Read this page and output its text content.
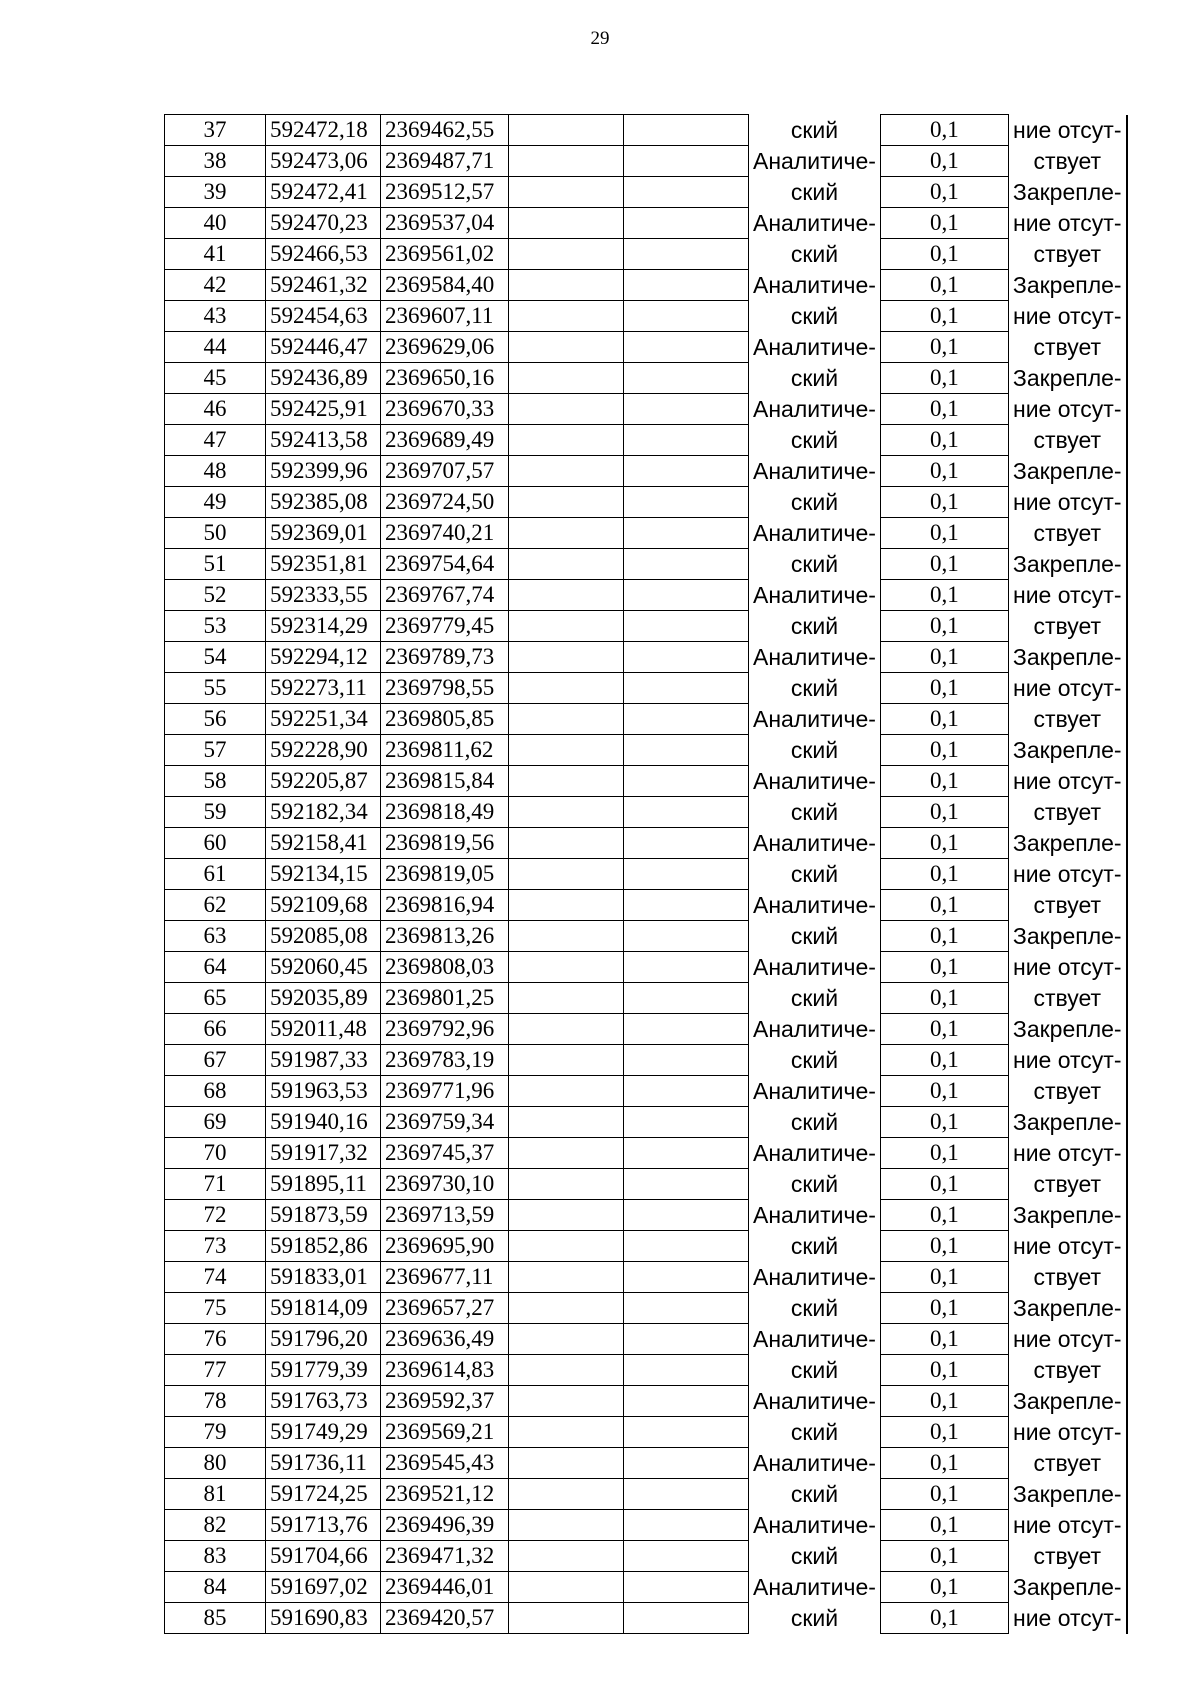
29
37	592472,18	2369462,55			ский	0,1	ние отсут-
38	592473,06	2369487,71			Аналитиче-	0,1	ствует
39	592472,41	2369512,57			ский	0,1	Закрепле-
40	592470,23	2369537,04			Аналитиче-	0,1	ние отсут-
41	592466,53	2369561,02			ский	0,1	ствует
42	592461,32	2369584,40			Аналитиче-	0,1	Закрепле-
43	592454,63	2369607,11			ский	0,1	ние отсут-
44	592446,47	2369629,06			Аналитиче-	0,1	ствует
45	592436,89	2369650,16			ский	0,1	Закрепле-
46	592425,91	2369670,33			Аналитиче-	0,1	ние отсут-
47	592413,58	2369689,49			ский	0,1	ствует
48	592399,96	2369707,57			Аналитиче-	0,1	Закрепле-
49	592385,08	2369724,50			ский	0,1	ние отсут-
50	592369,01	2369740,21			Аналитиче-	0,1	ствует
51	592351,81	2369754,64			ский	0,1	Закрепле-
52	592333,55	2369767,74			Аналитиче-	0,1	ние отсут-
53	592314,29	2369779,45			ский	0,1	ствует
54	592294,12	2369789,73			Аналитиче-	0,1	Закрепле-
55	592273,11	2369798,55			ский	0,1	ние отсут-
56	592251,34	2369805,85			Аналитиче-	0,1	ствует
57	592228,90	2369811,62			ский	0,1	Закрепле-
58	592205,87	2369815,84			Аналитиче-	0,1	ние отсут-
59	592182,34	2369818,49			ский	0,1	ствует
60	592158,41	2369819,56			Аналитиче-	0,1	Закрепле-
61	592134,15	2369819,05			ский	0,1	ние отсут-
62	592109,68	2369816,94			Аналитиче-	0,1	ствует
63	592085,08	2369813,26			ский	0,1	Закрепле-
64	592060,45	2369808,03			Аналитиче-	0,1	ние отсут-
65	592035,89	2369801,25			ский	0,1	ствует
66	592011,48	2369792,96			Аналитиче-	0,1	Закрепле-
67	591987,33	2369783,19			ский	0,1	ние отсут-
68	591963,53	2369771,96			Аналитиче-	0,1	ствует
69	591940,16	2369759,34			ский	0,1	Закрепле-
70	591917,32	2369745,37			Аналитиче-	0,1	ние отсут-
71	591895,11	2369730,10			ский	0,1	ствует
72	591873,59	2369713,59			Аналитиче-	0,1	Закрепле-
73	591852,86	2369695,90			ский	0,1	ние отсут-
74	591833,01	2369677,11			Аналитиче-	0,1	ствует
75	591814,09	2369657,27			ский	0,1	Закрепле-
76	591796,20	2369636,49			Аналитиче-	0,1	ние отсут-
77	591779,39	2369614,83			ский	0,1	ствует
78	591763,73	2369592,37			Аналитиче-	0,1	Закрепле-
79	591749,29	2369569,21			ский	0,1	ние отсут-
80	591736,11	2369545,43			Аналитиче-	0,1	ствует
81	591724,25	2369521,12			ский	0,1	Закрепле-
82	591713,76	2369496,39			Аналитиче-	0,1	ние отсут-
83	591704,66	2369471,32			ский	0,1	ствует
84	591697,02	2369446,01			Аналитиче-	0,1	Закрепле-
85	591690,83	2369420,57			ский	0,1	ние отсут-
